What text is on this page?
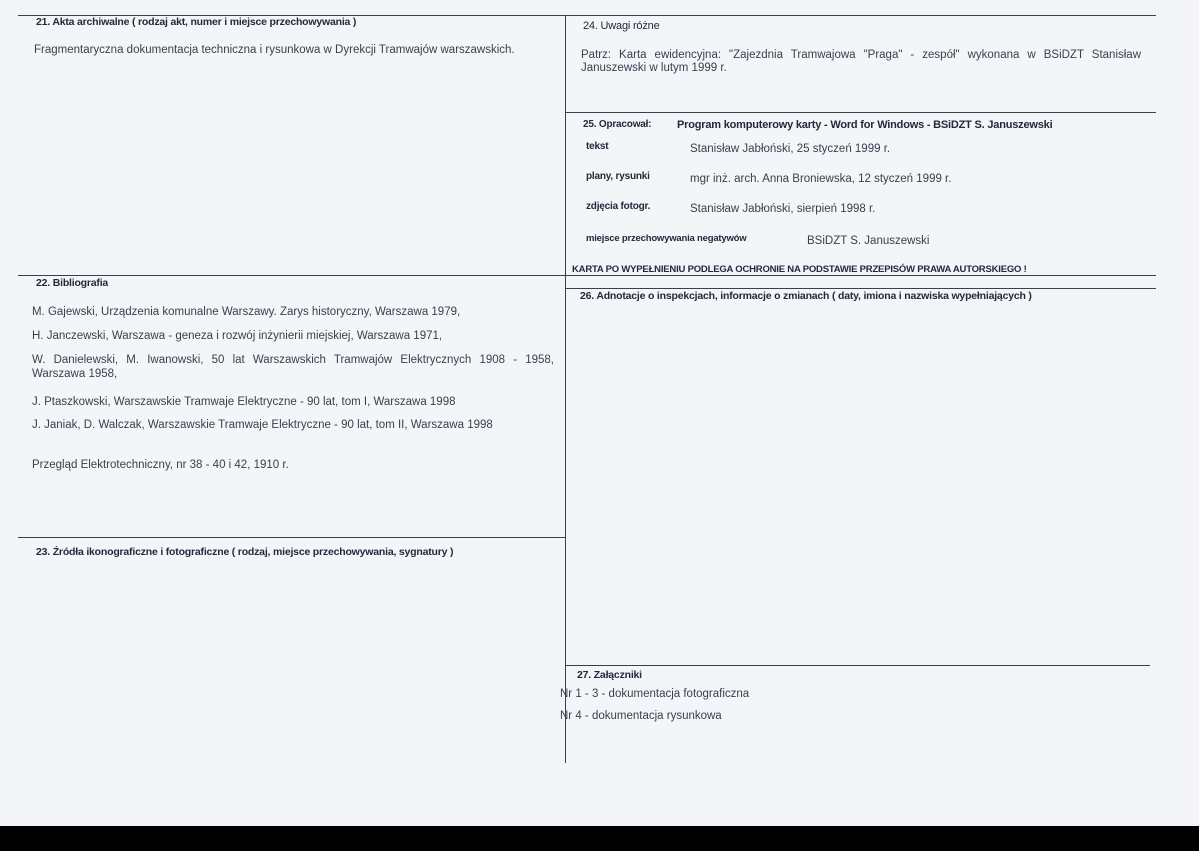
21. Akta archiwalne ( rodzaj akt, numer i miejsce przechowywania )
Fragmentaryczna dokumentacja techniczna i rysunkowa w Dyrekcji Tramwajów warszawskich.
22. Bibliografia
M. Gajewski, Urządzenia komunalne Warszawy. Zarys historyczny, Warszawa 1979,
H. Janczewski, Warszawa - geneza i rozwój inżynierii miejskiej, Warszawa 1971,
W. Danielewski, M. Iwanowski, 50 lat Warszawskich Tramwajów Elektrycznych 1908 - 1958, Warszawa 1958,
J. Ptaszkowski, Warszawskie Tramwaje Elektryczne - 90 lat, tom I, Warszawa 1998
J. Janiak, D. Walczak, Warszawskie Tramwaje Elektryczne - 90 lat, tom II, Warszawa 1998
Przegląd Elektrotechniczny, nr 38 - 40 i 42, 1910 r.
23. Źródła ikonograficzne i fotograficzne ( rodzaj, miejsce przechowywania, sygnatury )
24. Uwagi różne
Patrz: Karta ewidencyjna: "Zajezdnia Tramwajowa "Praga" - zespół" wykonana w BSiDZT Stanisław Januszewski w lutym 1999 r.
25. Opracował: Program komputerowy karty - Word for Windows - BSiDZT S. Januszewski
tekst	Stanisław Jabłoński, 25 styczeń 1999 r.
plany, rysunki	mgr inż. arch. Anna Broniewska, 12 styczeń 1999 r.
zdjęcia fotogr.	Stanisław Jabłoński, sierpień 1998 r.
miejsce przechowywania negatywów	BSiDZT S. Januszewski
KARTA PO WYPEŁNIENIU PODLEGA OCHRONIE NA PODSTAWIE PRZEPISÓW PRAWA AUTORSKIEGO !
26. Adnotacje o inspekcjach, informacje o zmianach ( daty, imiona i nazwiska wypełniających )
27. Załączniki
Nr 1 - 3 - dokumentacja fotograficzna
Nr 4 - dokumentacja rysunkowa
